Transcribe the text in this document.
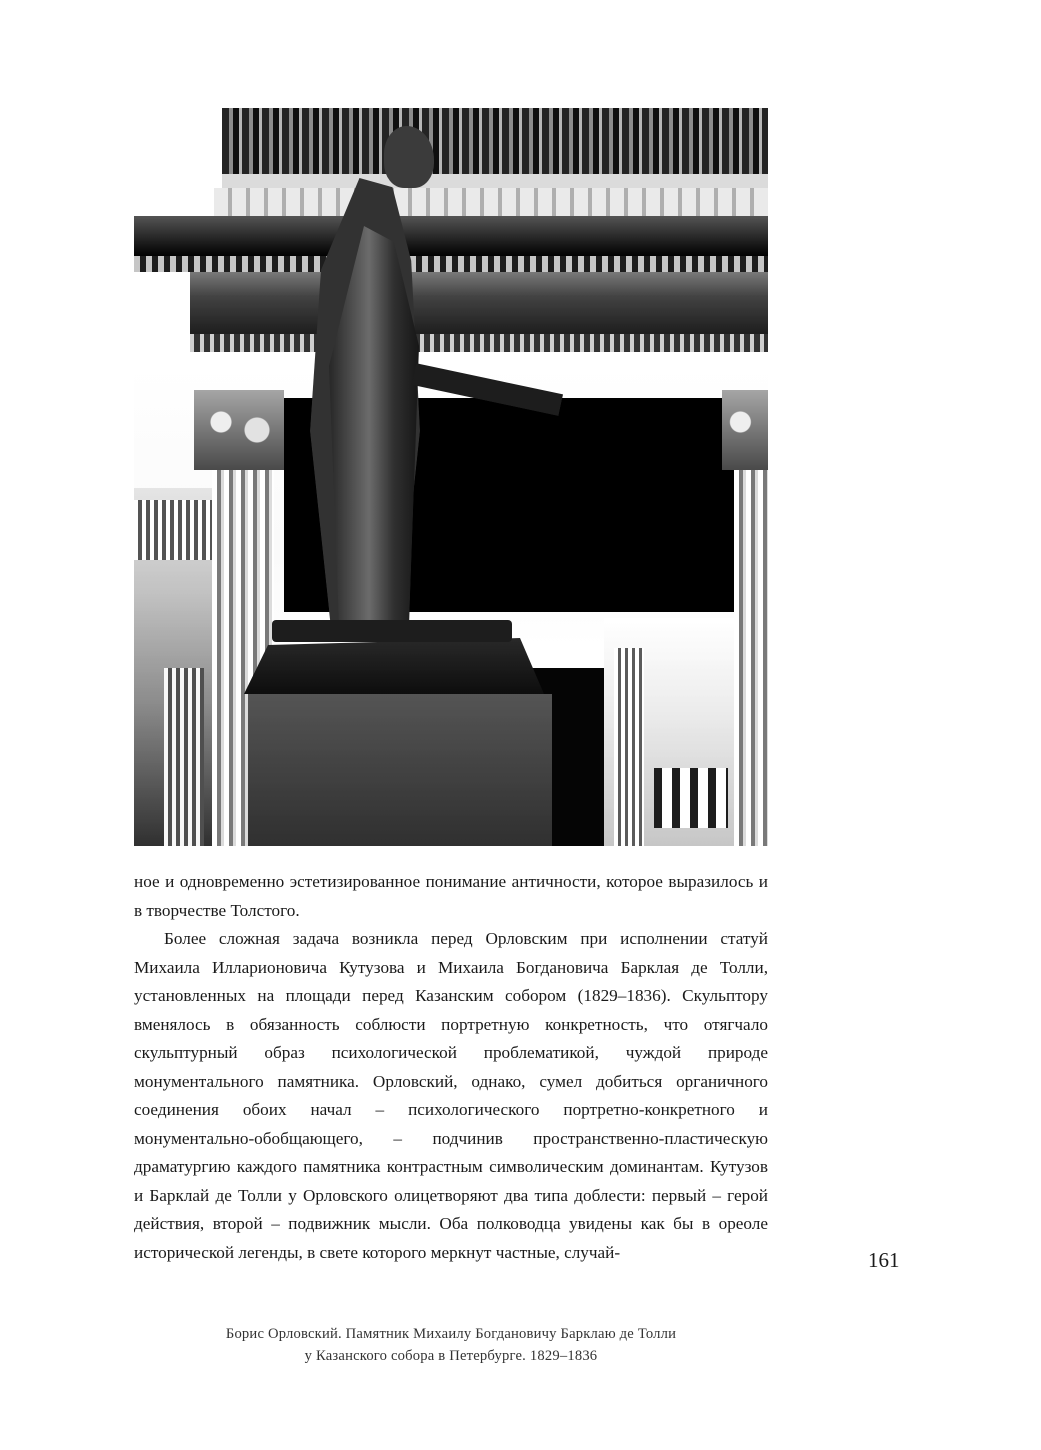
ное и одновременно эстетизированное понимание античности, которое выразилось и в творчестве Толстого.

Более сложная задача возникла перед Орловским при исполнении статуй Михаила Илларионовича Кутузова и Михаила Богдановича Барклая де Толли, установленных на площади перед Казанским собором (1829–1836). Скульптору вменялось в обязанность соблюсти портретную конкретность, что отягчало скульптурный образ психологической проблематикой, чуждой природе монументального памятника. Орловский, однако, сумел добиться органичного соединения обоих начал – психологического портретно-конкретного и монументально-обобщающего, – подчинив пространственно-пластическую драматургию каждого памятника контрастным символическим доминантам. Кутузов и Барклай де Толли у Орловского олицетворяют два типа доблести: первый – герой действия, второй – подвижник мысли. Оба полководца увидены как бы в ореоле исторической легенды, в свете которого меркнут частные, случай-	161
Борис Орловский. Памятник Михаилу Богдановичу Барклаю де Толли
у Казанского собора в Петербурге. 1829–1836
